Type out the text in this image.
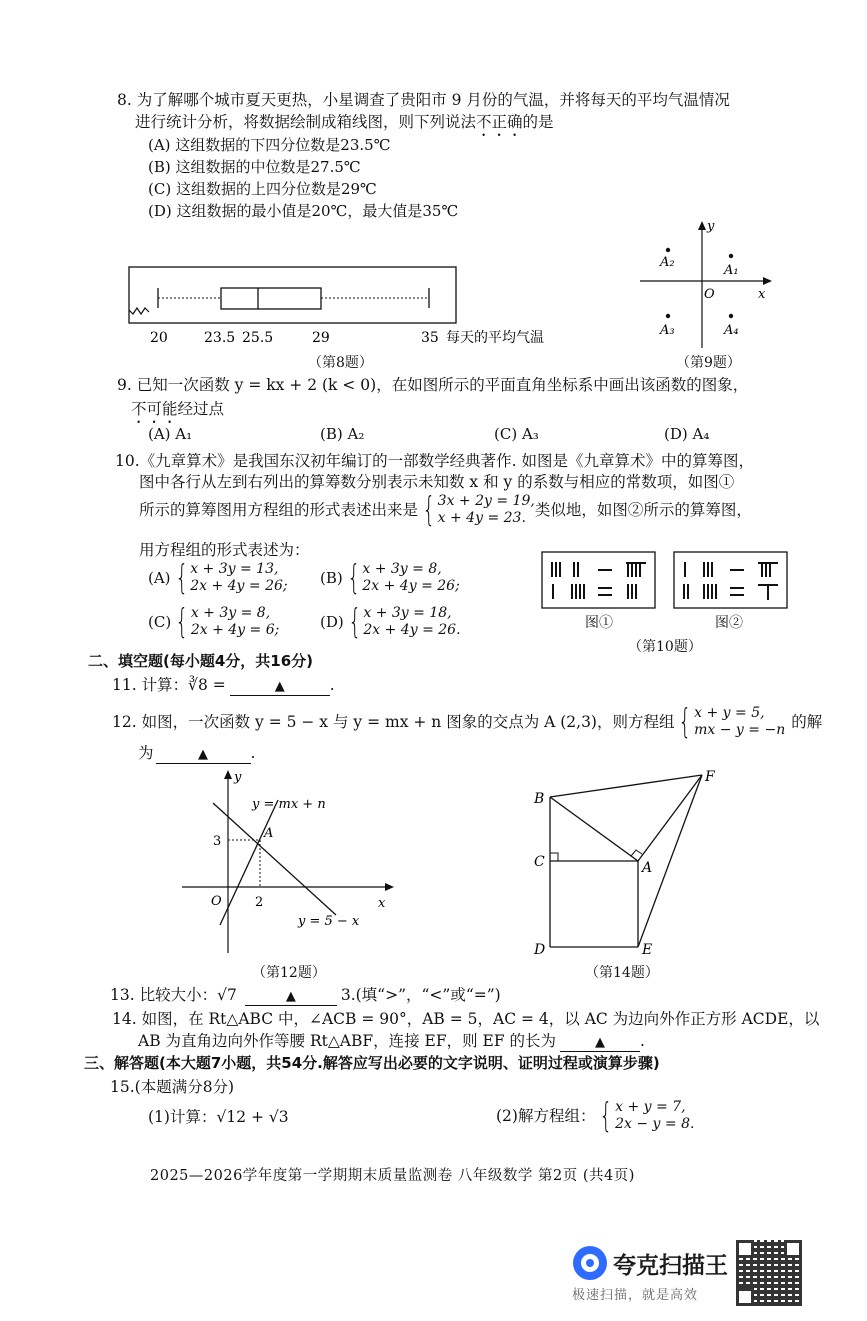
8. 为了解哪个城市夏天更热，小星调查了贵阳市 9 月份的气温，并将每天的平均气温情况
进行统计分析，将数据绘制成箱线图，则下列说法不正确的是
(A) 这组数据的下四分位数是23.5℃
(B) 这组数据的中位数是27.5℃
(C) 这组数据的上四分位数是29℃
(D) 这组数据的最小值是20℃，最大值是35℃
20	23.5 25.5	29	35 每天的平均气温
（第8题）
y
x
O
A₂
A₁
A₃	A₄
（第9题）
9. 已知一次函数 y = kx + 2 (k < 0)，在如图所示的平面直角坐标系中画出该函数的图象，
不可能经过点
(A) A₁	(B) A₂	(C) A₃	(D) A₄
10.《九章算术》是我国东汉初年编订的一部数学经典著作. 如图是《九章算术》中的算筹图，
图中各行从左到右列出的算筹数分别表示未知数 x 和 y 的系数与相应的常数项，如图①
所示的算筹图用方程组的形式表述出来是 { 3x + 2y = 19,
x + 4y = 23. 类似地，如图②所示的算筹图，
用方程组的形式表述为：
(A) { x + 3y = 13,
2x + 4y = 26; (B) { x + 3y = 8,
2x + 4y = 26;
(C) { x + 3y = 8,
2x + 4y = 6;	(D) { x + 3y = 18,
2x + 4y = 26.	图①	图②
（第10题）
二、填空题(每小题4分，共16分)
11. 计算：∛8 =	▲	.
12. 如图，一次函数 y = 5 − x 与 y = mx + n 图象的交点为 A (2,3)，则方程组 { x + y = 5,
mx − y = −n 的解
为	▲	.
y
x
O
3
2
A
y = mx + n
y = 5 − x
（第12题）
B
F
C	A
D	E
（第14题）
13. 比较大小：√7	▲	3.(填“>”，“<”或“=”)
14. 如图，在 Rt△ABC 中，∠ACB = 90°，AB = 5，AC = 4，以 AC 为边向外作正方形 ACDE，以
AB 为直角边向外作等腰 Rt△ABF，连接 EF，则 EF 的长为	▲ .
三、解答题(本大题7小题，共54分.解答应写出必要的文字说明、证明过程或演算步骤)
15.(本题满分8分)
(1)计算：√12 + √3	(2)解方程组： { x + y = 7,
2x − y = 8.
2025—2026学年度第一学期期末质量监测卷 八年级数学 第2页 (共4页)
夸克扫描王
极速扫描，就是高效
